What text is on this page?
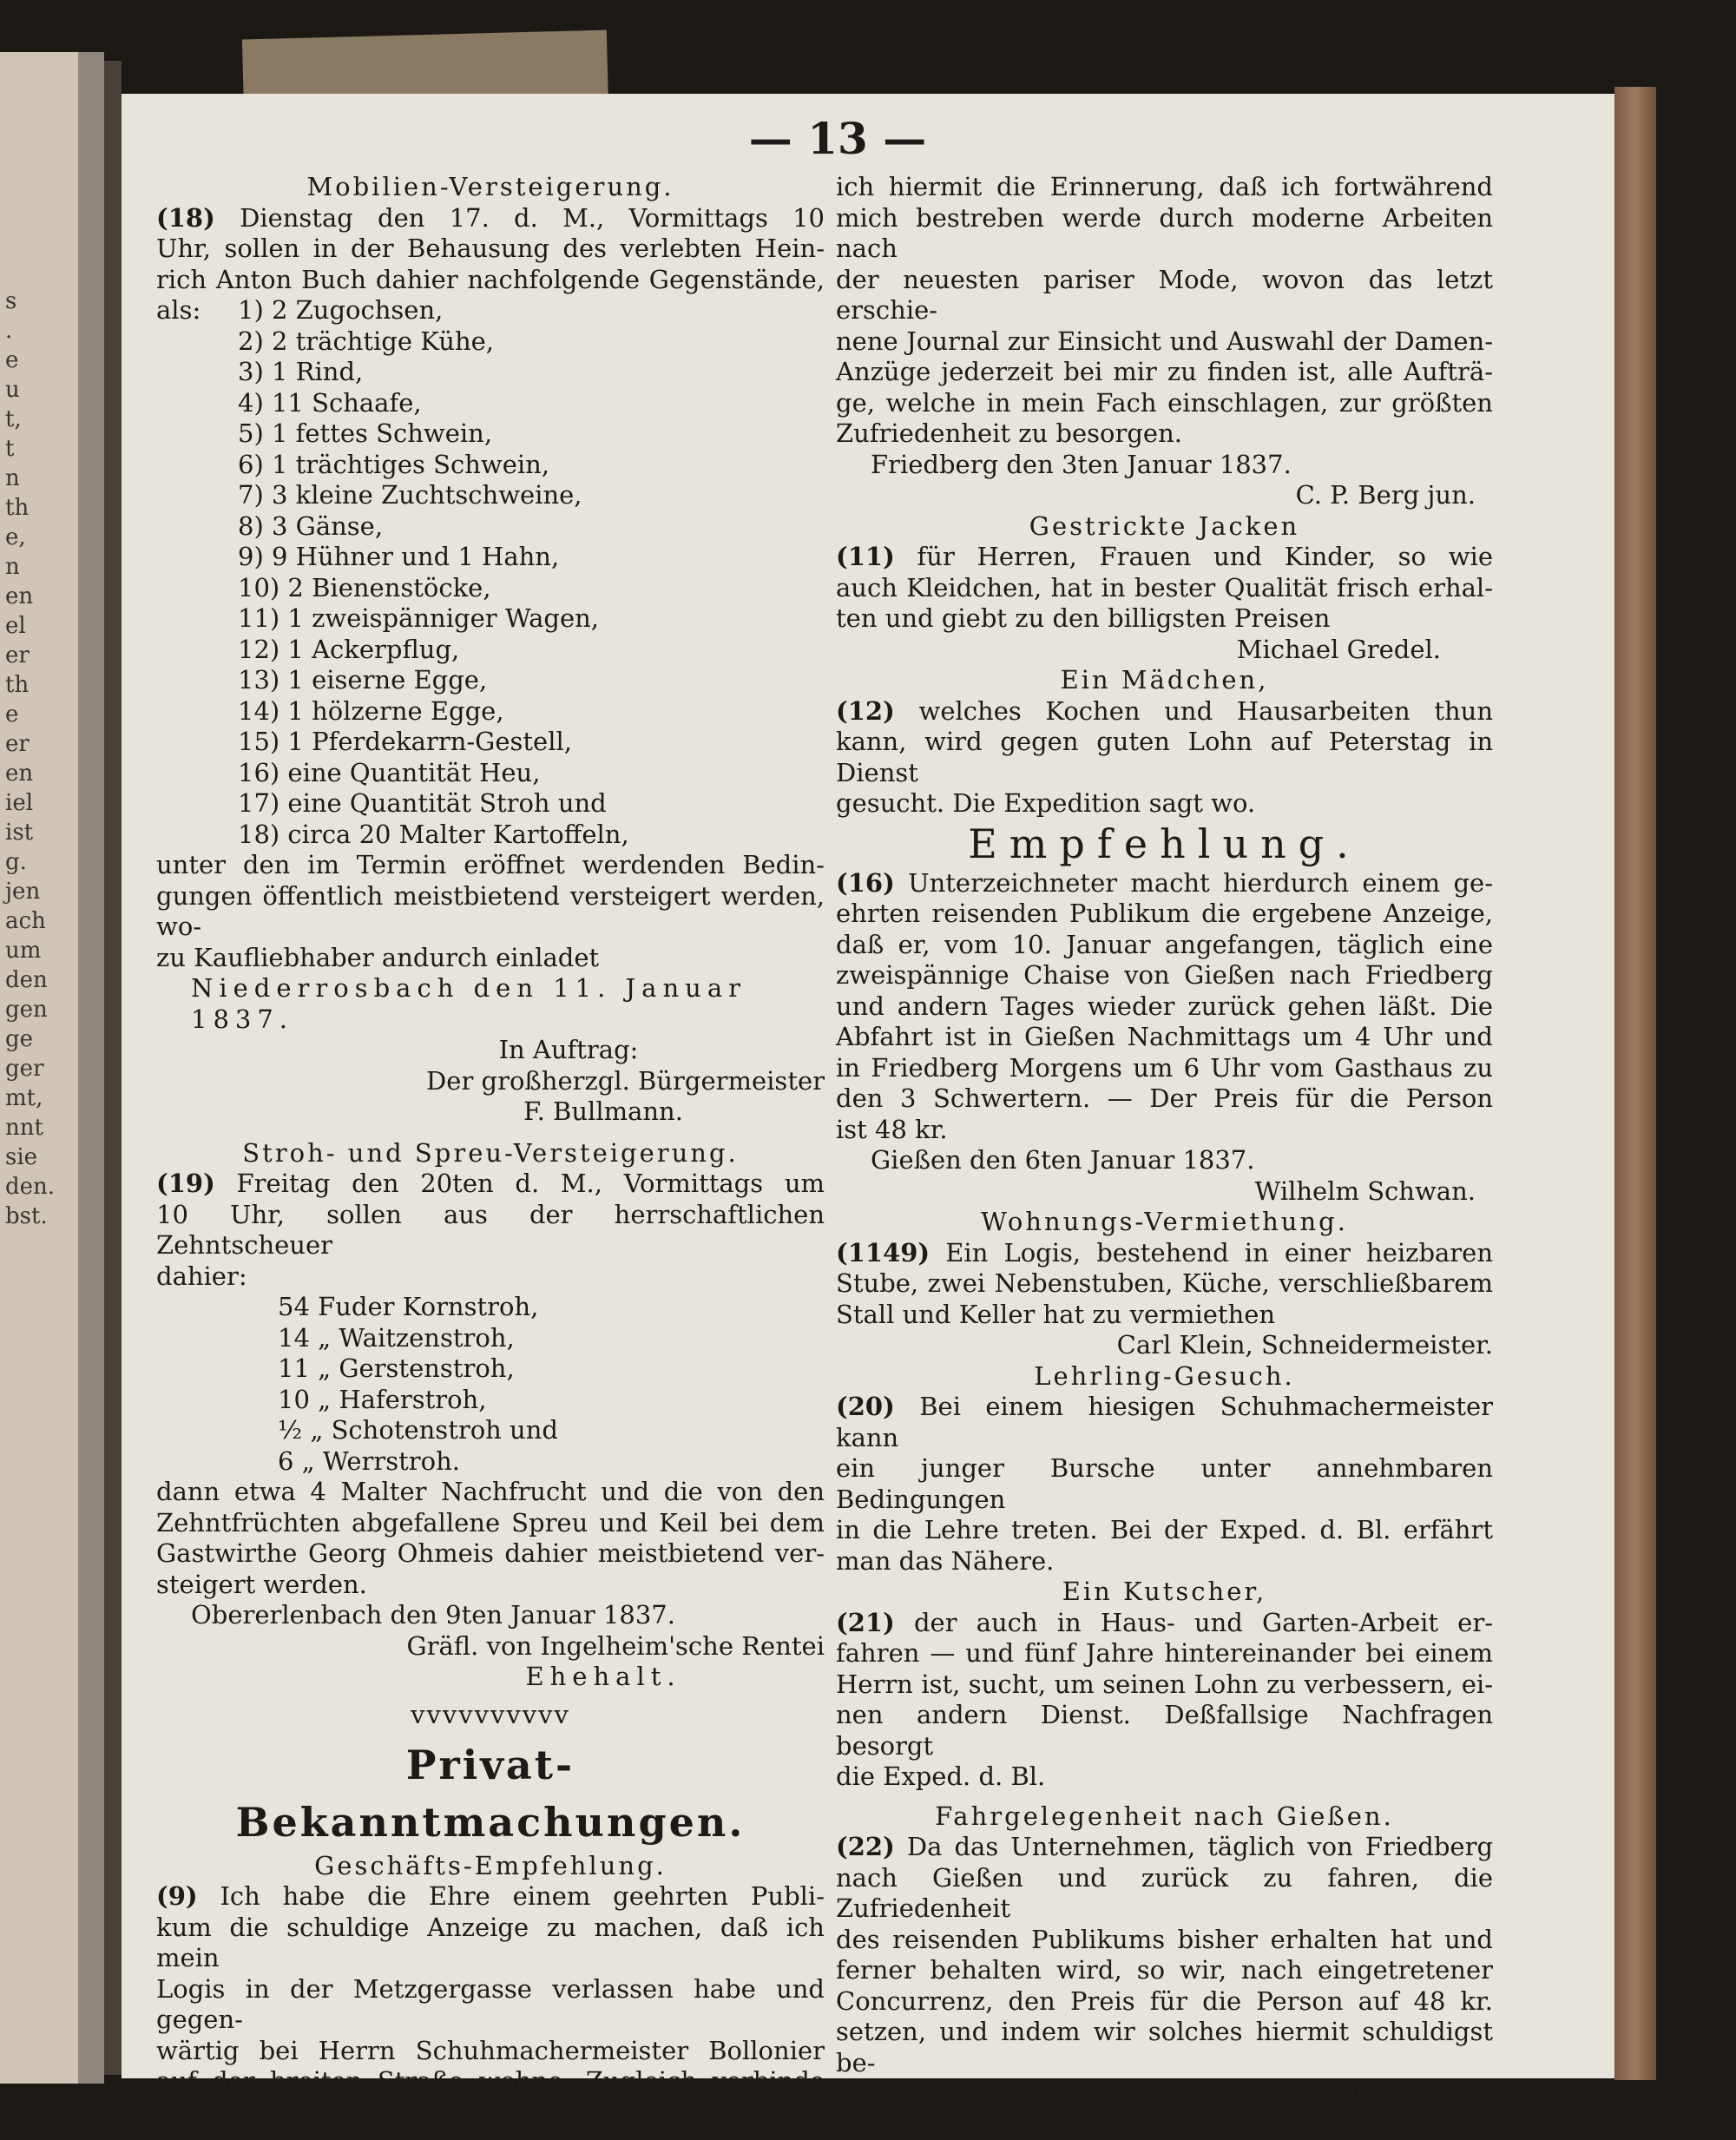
s
.
e
u
t,
t
n
th
e,
n
en
el
er
th
e
er
en
iel
ist
g.
jen
ach
um
den
gen
ge
ger
mt,
nnt
sie
den.
bst.
— 13 —

Mobilien-Versteigerung.

(18) Dienstag den 17. d. M., Vormittags 10

Uhr, sollen in der Behausung des verlebten Hein-

rich Anton Buch dahier nachfolgende Gegenstände,

als:	1) 2 Zugochsen,
2) 2 trächtige Kühe,
3) 1 Rind,
4) 11 Schaafe,
5) 1 fettes Schwein,
6) 1 trächtiges Schwein,
7) 3 kleine Zuchtschweine,
8) 3 Gänse,
9) 9 Hühner und 1 Hahn,
10) 2 Bienenstöcke,
11) 1 zweispänniger Wagen,
12) 1 Ackerpflug,
13) 1 eiserne Egge,
14) 1 hölzerne Egge,
15) 1 Pferdekarrn-Gestell,
16) eine Quantität Heu,
17) eine Quantität Stroh und
18) circa 20 Malter Kartoffeln,

unter den im Termin eröffnet werdenden Bedin-

gungen öffentlich meistbietend versteigert werden, wo-

zu Kaufliebhaber andurch einladet

Niederrosbach den 11. Januar 1837.

In Auftrag:

Der großherzgl. Bürgermeister

F. Bullmann.

Stroh- und Spreu-Versteigerung.

(19) Freitag den 20ten d. M., Vormittags um

10 Uhr, sollen aus der herrschaftlichen Zehntscheuer

dahier:

54 Fuder Kornstroh,
14 „ Waitzenstroh,
11 „ Gerstenstroh,
10 „ Haferstroh,
½ „ Schotenstroh und
6 „ Werrstroh.

dann etwa 4 Malter Nachfrucht und die von den

Zehntfrüchten abgefallene Spreu und Keil bei dem

Gastwirthe Georg Ohmeis dahier meistbietend ver-

steigert werden.

Obererlenbach den 9ten Januar 1837.

Gräfl. von Ingelheim'sche Rentei

Ehehalt.

vvvvvvvvvv

Privat-Bekanntmachungen.

Geschäfts-Empfehlung.

(9) Ich habe die Ehre einem geehrten Publi-

kum die schuldige Anzeige zu machen, daß ich mein

Logis in der Metzgergasse verlassen habe und gegen-

wärtig bei Herrn Schuhmachermeister Bollonier

auf der breiten Straße wohne. Zugleich verbinde

ich hiermit die Erinnerung, daß ich fortwährend

mich bestreben werde durch moderne Arbeiten nach

der neuesten pariser Mode, wovon das letzt erschie-

nene Journal zur Einsicht und Auswahl der Damen-

Anzüge jederzeit bei mir zu finden ist, alle Aufträ-

ge, welche in mein Fach einschlagen, zur größten

Zufriedenheit zu besorgen.

Friedberg den 3ten Januar 1837.

C. P. Berg jun.

Gestrickte Jacken

(11) für Herren, Frauen und Kinder, so wie

auch Kleidchen, hat in bester Qualität frisch erhal-

ten und giebt zu den billigsten Preisen

Michael Gredel.

Ein Mädchen,

(12) welches Kochen und Hausarbeiten thun

kann, wird gegen guten Lohn auf Peterstag in Dienst

gesucht. Die Expedition sagt wo.

Empfehlung.

(16) Unterzeichneter macht hierdurch einem ge-

ehrten reisenden Publikum die ergebene Anzeige,

daß er, vom 10. Januar angefangen, täglich eine

zweispännige Chaise von Gießen nach Friedberg

und andern Tages wieder zurück gehen läßt. Die

Abfahrt ist in Gießen Nachmittags um 4 Uhr und

in Friedberg Morgens um 6 Uhr vom Gasthaus zu

den 3 Schwertern. — Der Preis für die Person

ist 48 kr.

Gießen den 6ten Januar 1837.

Wilhelm Schwan.

Wohnungs-Vermiethung.

(1149) Ein Logis, bestehend in einer heizbaren

Stube, zwei Nebenstuben, Küche, verschließbarem

Stall und Keller hat zu vermiethen

Carl Klein, Schneidermeister.

Lehrling-Gesuch.

(20) Bei einem hiesigen Schuhmachermeister kann

ein junger Bursche unter annehmbaren Bedingungen

in die Lehre treten. Bei der Exped. d. Bl. erfährt

man das Nähere.

Ein Kutscher,

(21) der auch in Haus- und Garten-Arbeit er-

fahren — und fünf Jahre hintereinander bei einem

Herrn ist, sucht, um seinen Lohn zu verbessern, ei-

nen andern Dienst. Deßfallsige Nachfragen besorgt

die Exped. d. Bl.

Fahrgelegenheit nach Gießen.

(22) Da das Unternehmen, täglich von Friedberg

nach Gießen und zurück zu fahren, die Zufriedenheit

des reisenden Publikums bisher erhalten hat und

ferner behalten wird, so wir, nach eingetretener

Concurrenz, den Preis für die Person auf 48 kr.

setzen, und indem wir solches hiermit schuldigst be-

kannt machen, unsere geehrten Freunde hier und in
